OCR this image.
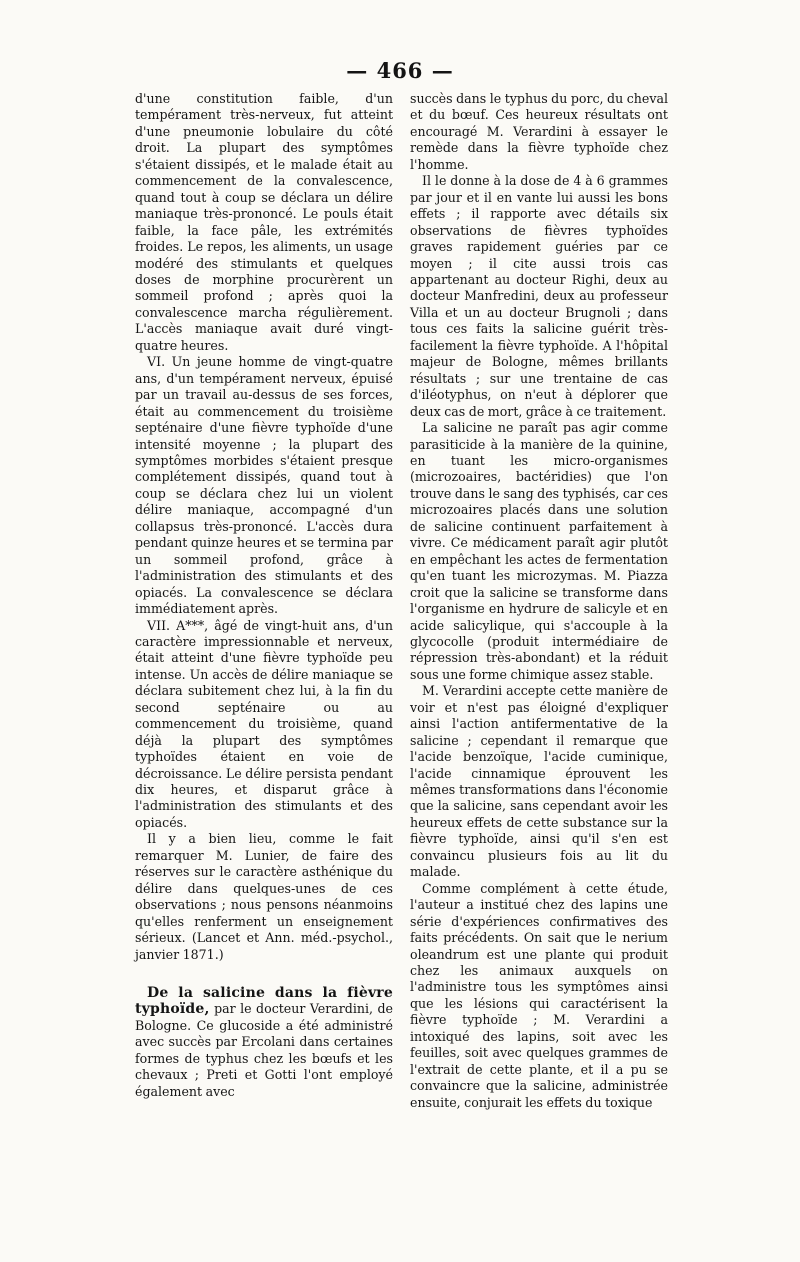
— 466 —

d'une constitution faible, d'un tempérament très-nerveux, fut atteint d'une pneumonie lobulaire du côté droit. La plupart des symptômes s'étaient dissipés, et le malade était au commencement de la convalescence, quand tout à coup se déclara un délire maniaque très-prononcé. Le pouls était faible, la face pâle, les extrémités froides. Le repos, les aliments, un usage modéré des stimulants et quelques doses de morphine procurèrent un sommeil profond ; après quoi la convalescence marcha régulièrement. L'accès maniaque avait duré vingt-quatre heures.

VI. Un jeune homme de vingt-quatre ans, d'un tempérament nerveux, épuisé par un travail au-dessus de ses forces, était au commencement du troisième septénaire d'une fièvre typhoïde d'une intensité moyenne ; la plupart des symptômes morbides s'étaient presque complétement dissipés, quand tout à coup se déclara chez lui un violent délire maniaque, accompagné d'un collapsus très-prononcé. L'accès dura pendant quinze heures et se termina par un sommeil profond, grâce à l'administration des stimulants et des opiacés. La convalescence se déclara immédiatement après.

VII. A***, âgé de vingt-huit ans, d'un caractère impressionnable et nerveux, était atteint d'une fièvre typhoïde peu intense. Un accès de délire maniaque se déclara subitement chez lui, à la fin du second septénaire ou au commencement du troisième, quand déjà la plupart des symptômes typhoïdes étaient en voie de décroissance. Le délire persista pendant dix heures, et disparut grâce à l'administration des stimulants et des opiacés.

Il y a bien lieu, comme le fait remarquer M. Lunier, de faire des réserves sur le caractère asthénique du délire dans quelques-unes de ces observations ; nous pensons néanmoins qu'elles renferment un enseignement sérieux. (Lancet et Ann. méd.-psychol., janvier 1871.)

De la salicine dans la fièvre typhoïde, par le docteur Verardini, de Bologne. Ce glucoside a été administré avec succès par Ercolani dans certaines formes de typhus chez les bœufs et les chevaux ; Preti et Gotti l'ont employé également avec

succès dans le typhus du porc, du cheval et du bœuf. Ces heureux résultats ont encouragé M. Verardini à essayer le remède dans la fièvre typhoïde chez l'homme.

Il le donne à la dose de 4 à 6 grammes par jour et il en vante lui aussi les bons effets ; il rapporte avec détails six observations de fièvres typhoïdes graves rapidement guéries par ce moyen ; il cite aussi trois cas appartenant au docteur Righi, deux au docteur Manfredini, deux au professeur Villa et un au docteur Brugnoli ; dans tous ces faits la salicine guérit très-facilement la fièvre typhoïde. A l'hôpital majeur de Bologne, mêmes brillants résultats ; sur une trentaine de cas d'iléotyphus, on n'eut à déplorer que deux cas de mort, grâce à ce traitement.

La salicine ne paraît pas agir comme parasiticide à la manière de la quinine, en tuant les micro-organismes (microzoaires, bactéridies) que l'on trouve dans le sang des typhisés, car ces microzoaires placés dans une solution de salicine continuent parfaitement à vivre. Ce médicament paraît agir plutôt en empêchant les actes de fermentation qu'en tuant les microzymas. M. Piazza croit que la salicine se transforme dans l'organisme en hydrure de salicyle et en acide salicylique, qui s'accouple à la glycocolle (produit intermédiaire de répression très-abondant) et la réduit sous une forme chimique assez stable.

M. Verardini accepte cette manière de voir et n'est pas éloigné d'expliquer ainsi l'action antifermentative de la salicine ; cependant il remarque que l'acide benzoïque, l'acide cuminique, l'acide cinnamique éprouvent les mêmes transformations dans l'économie que la salicine, sans cependant avoir les heureux effets de cette substance sur la fièvre typhoïde, ainsi qu'il s'en est convaincu plusieurs fois au lit du malade.

Comme complément à cette étude, l'auteur a institué chez des lapins une série d'expériences confirmatives des faits précédents. On sait que le nerium oleandrum est une plante qui produit chez les animaux auxquels on l'administre tous les symptômes ainsi que les lésions qui caractérisent la fièvre typhoïde ; M. Verardini a intoxiqué des lapins, soit avec les feuilles, soit avec quelques grammes de l'extrait de cette plante, et il a pu se convaincre que la salicine, administrée ensuite, conjurait les effets du toxique
